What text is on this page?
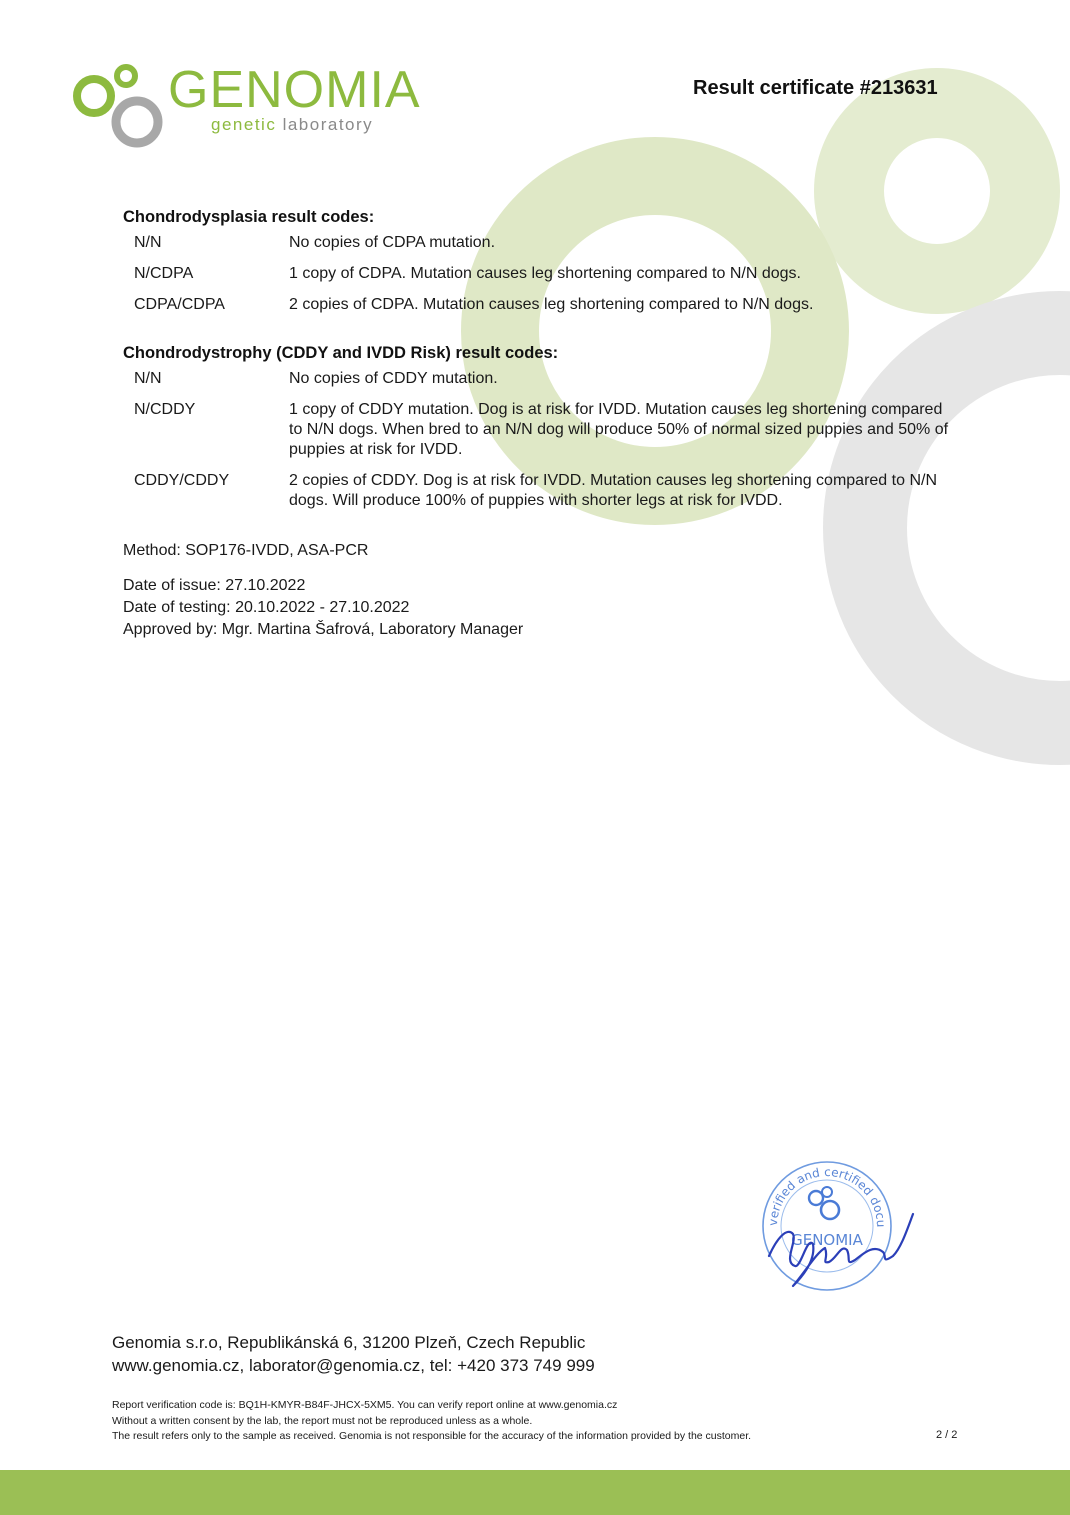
GENOMIA
genetic laboratory
Result certificate #213631
Chondrodysplasia result codes:
N/N	No copies of CDPA mutation.
N/CDPA	1 copy of CDPA. Mutation causes leg shortening compared to N/N dogs.
CDPA/CDPA	2 copies of CDPA. Mutation causes leg shortening compared to N/N dogs.
Chondrodystrophy (CDDY and IVDD Risk) result codes:
N/N	No copies of CDDY mutation.
N/CDDY	1 copy of CDDY mutation. Dog is at risk for IVDD. Mutation causes leg shortening compared to N/N dogs. When bred to an N/N dog will produce 50% of normal sized puppies and 50% of puppies at risk for IVDD.
CDDY/CDDY	2 copies of CDDY. Dog is at risk for IVDD. Mutation causes leg shortening compared to N/N dogs. Will produce 100% of puppies with shorter legs at risk for IVDD.
Method: SOP176-IVDD, ASA-PCR
Date of issue: 27.10.2022
Date of testing: 20.10.2022 - 27.10.2022
Approved by: Mgr. Martina Šafrová, Laboratory Manager
verified and certified docu
GENOMIA
Genomia s.r.o, Republikánská 6, 31200 Plzeň, Czech Republic
www.genomia.cz, laborator@genomia.cz, tel: +420 373 749 999
Report verification code is: BQ1H-KMYR-B84F-JHCX-5XM5. You can verify report online at www.genomia.cz
Without a written consent by the lab, the report must not be reproduced unless as a whole.
The result refers only to the sample as received. Genomia is not responsible for the accuracy of the information provided by the customer.	2 / 2
